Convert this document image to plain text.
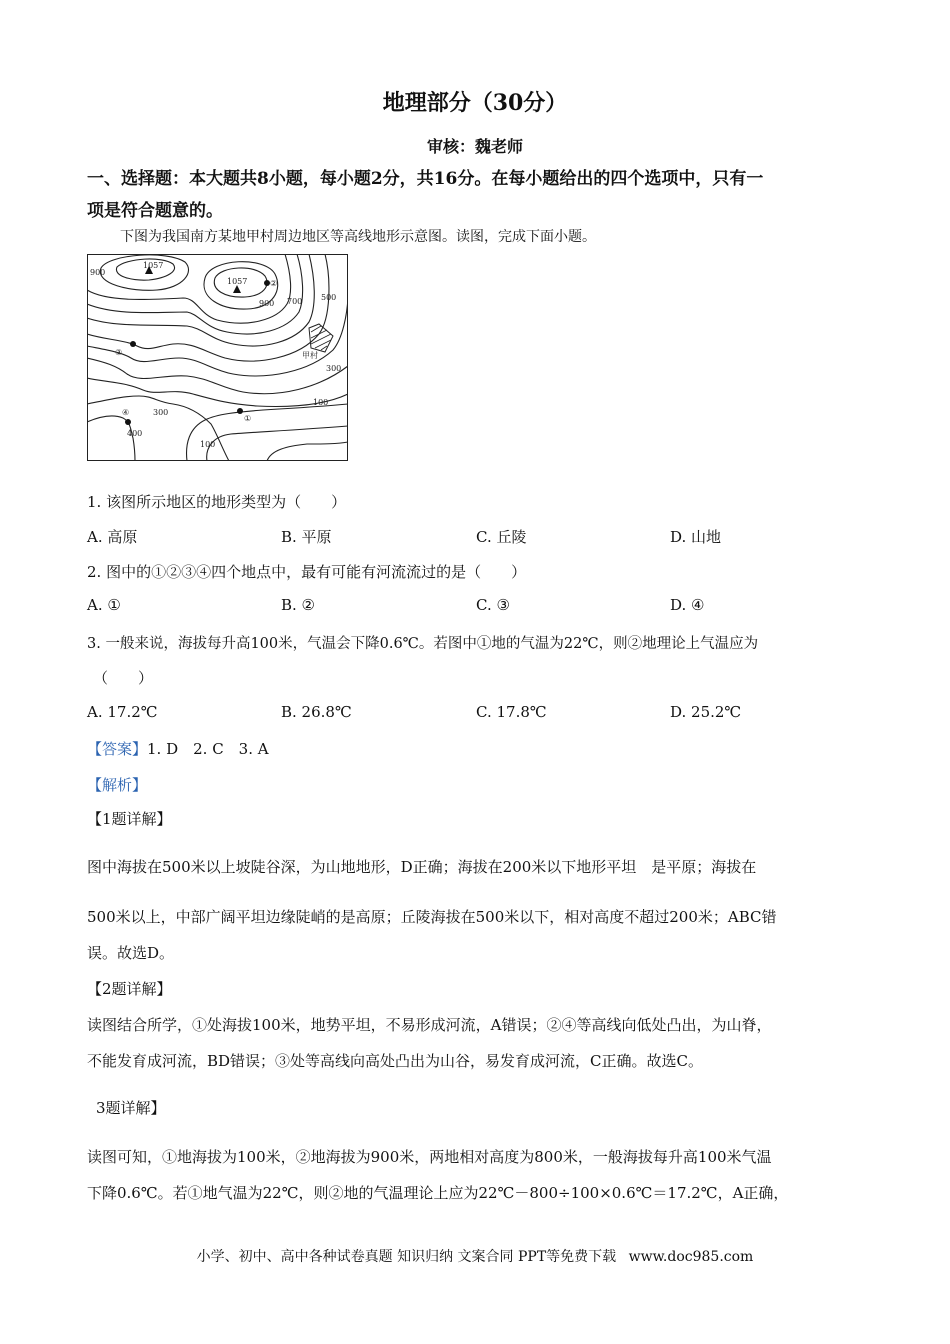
地理部分（30分）
审核：魏老师
一、选择题：本大题共8小题，每小题2分，共16分。在每小题给出的四个选项中，只有一
项是符合题意的。
下图为我国南方某地甲村周边地区等高线地形示意图。读图，完成下面小题。
900
1057
1057	②
900 700 500
③	甲村
300
100
④	300
①
400
100
1. 该图所示地区的地形类型为（　　）
A. 高原	B. 平原	C. 丘陵	D. 山地
2. 图中的①②③④四个地点中，最有可能有河流流过的是（　　）
A. ①	B. ②	C. ③	D. ④
3. 一般来说，海拔每升高100米，气温会下降0.6℃。若图中①地的气温为22℃，则②地理论上气温应为
（　　）
A. 17.2℃	B. 26.8℃	C. 17.8℃	D. 25.2℃
【答案】1. D　2. C　3. A
【解析】
【1题详解】
图中海拔在500米以上坡陡谷深，为山地地形，D正确；海拔在200米以下地形平坦　是平原；海拔在
500米以上，中部广阔平坦边缘陡峭的是高原；丘陵海拔在500米以下，相对高度不超过200米；ABC错
误。故选D。
【2题详解】
读图结合所学，①处海拔100米，地势平坦，不易形成河流，A错误；②④等高线向低处凸出，为山脊，
不能发育成河流，BD错误；③处等高线向高处凸出为山谷，易发育成河流，C正确。故选C。
3题详解】
读图可知，①地海拔为100米，②地海拔为900米，两地相对高度为800米，一般海拔每升高100米气温
下降0.6℃。若①地气温为22℃，则②地的气温理论上应为22℃－800÷100×0.6℃＝17.2℃，A正确，
小学、初中、高中各种试卷真题 知识归纳 文案合同 PPT等免费下载 www.doc985.com
